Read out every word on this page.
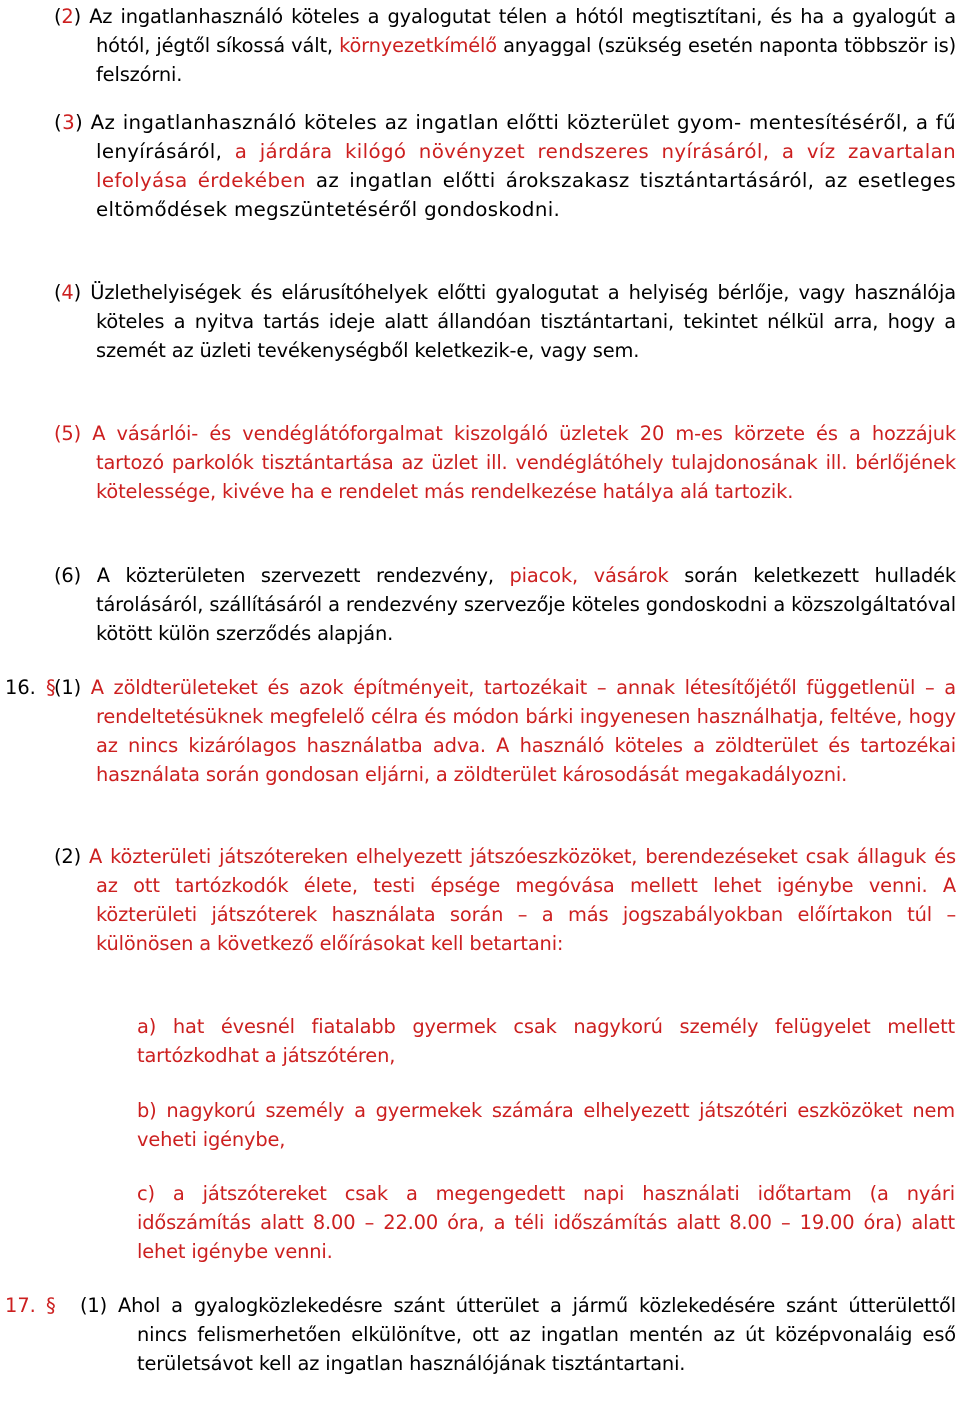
(2) Az ingatlanhasználó köteles a gyalogutat télen a hótól megtisztítani, és ha a gyalogút a hótól, jégtől síkossá vált, környezetkímélő anyaggal (szükség esetén naponta többször is) felszórni.
(3) Az ingatlanhasználó köteles az ingatlan előtti közterület gyom- mentesítéséről, a fű lenyírásáról, a járdára kilógó növényzet rendszeres nyírásáról, a víz zavartalan lefolyása érdekében az ingatlan előtti árokszakasz tisztántartásáról, az esetleges eltömődések megszüntetéséről gondoskodni.
(4) Üzlethelyiségek és elárusítóhelyek előtti gyalogutat a helyiség bérlője, vagy használója köteles a nyitva tartás ideje alatt állandóan tisztántartani, tekintet nélkül arra, hogy a szemét az üzleti tevékenységből keletkezik-e, vagy sem.
(5) A vásárlói- és vendéglátóforgalmat kiszolgáló üzletek 20 m-es körzete és a hozzájuk tartozó parkolók tisztántartása az üzlet ill. vendéglátóhely tulajdonosának ill. bérlőjének kötelessége, kivéve ha e rendelet más rendelkezése hatálya alá tartozik.
(6) A közterületen szervezett rendezvény, piacok, vásárok során keletkezett hulladék tárolásáról, szállításáról a rendezvény szervezője köteles gondoskodni a közszolgáltatóval kötött külön szerződés alapján.
16. §
(1) A zöldterületeket és azok építményeit, tartozékait – annak létesítőjétől függetlenül – a rendeltetésüknek megfelelő célra és módon bárki ingyenesen használhatja, feltéve, hogy az nincs kizárólagos használatba adva. A használó köteles a zöldterület és tartozékai használata során gondosan eljárni, a zöldterület károsodását megakadályozni.
(2) A közterületi játszótereken elhelyezett játszóeszközöket, berendezéseket csak állaguk és az ott tartózkodók élete, testi épsége megóvása mellett lehet igénybe venni. A közterületi játszóterek használata során – a más jogszabályokban előírtakon túl – különösen a következő előírásokat kell betartani:
a) hat évesnél fiatalabb gyermek csak nagykorú személy felügyelet mellett tartózkodhat a játszótéren,
b) nagykorú személy a gyermekek számára elhelyezett játszótéri eszközöket nem veheti igénybe,
c) a játszótereket csak a megengedett napi használati időtartam (a nyári időszámítás alatt 8.00 – 22.00 óra, a téli időszámítás alatt 8.00 – 19.00 óra) alatt lehet igénybe venni.
17. § (1) Ahol a gyalogközlekedésre szánt útterület a jármű közlekedésére szánt útterülettől nincs felismerhetően elkülönítve, ott az ingatlan mentén az út középvonaláig eső területsávot kell az ingatlan használójának tisztántartani.
